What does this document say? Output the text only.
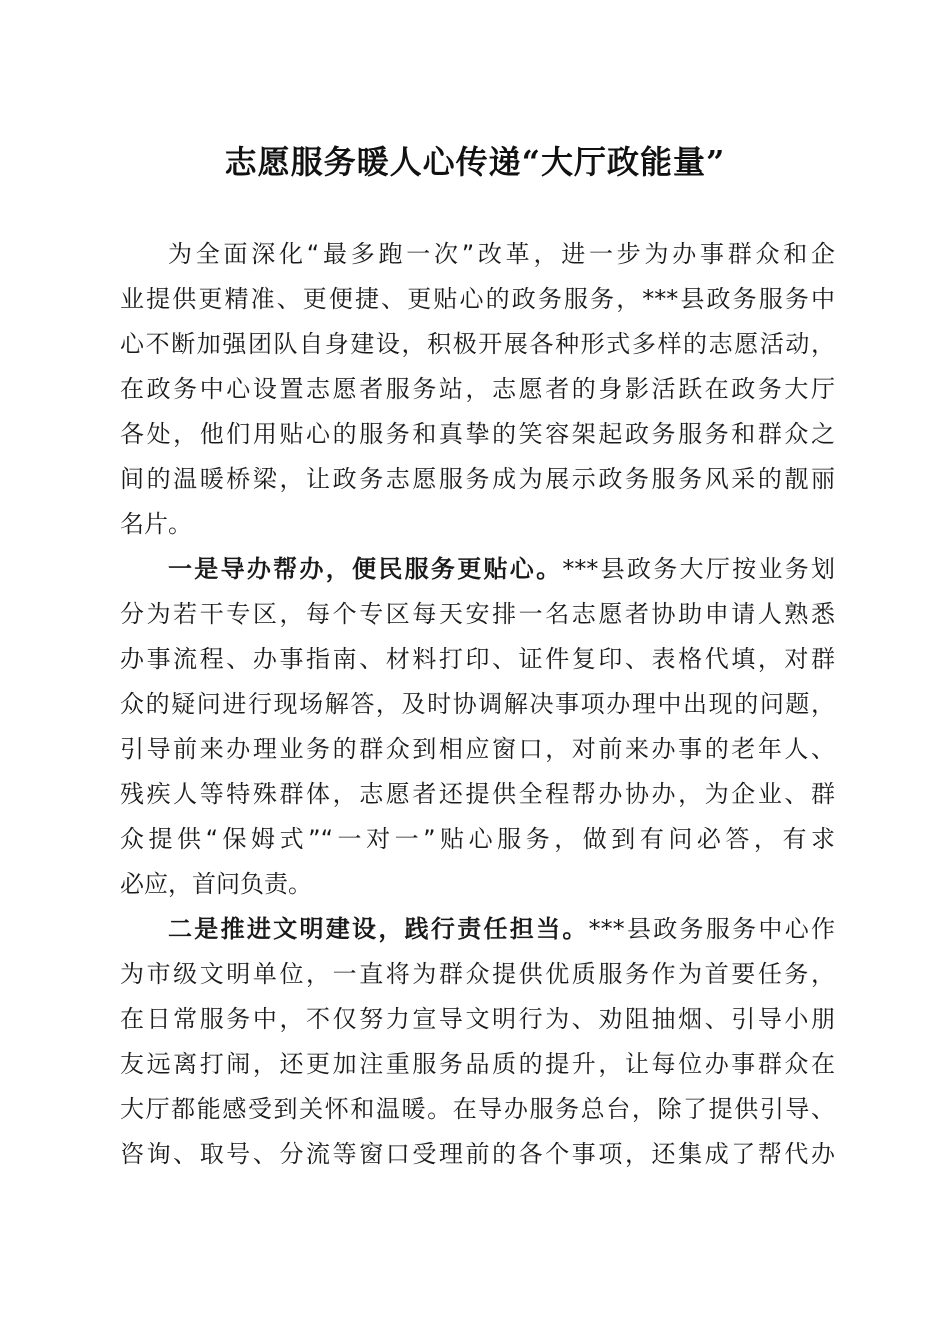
志愿服务暖人心传递“大厅政能量”
为全面深化“最多跑一次”改革，进一步为办事群众和企
业提供更精准、更便捷、更贴心的政务服务，***县政务服务中
心不断加强团队自身建设，积极开展各种形式多样的志愿活动，
在政务中心设置志愿者服务站，志愿者的身影活跃在政务大厅
各处，他们用贴心的服务和真挚的笑容架起政务服务和群众之
间的温暖桥梁，让政务志愿服务成为展示政务服务风采的靓丽
名片。
一是导办帮办，便民服务更贴心。***县政务大厅按业务划
分为若干专区，每个专区每天安排一名志愿者协助申请人熟悉
办事流程、办事指南、材料打印、证件复印、表格代填，对群
众的疑问进行现场解答，及时协调解决事项办理中出现的问题，
引导前来办理业务的群众到相应窗口，对前来办事的老年人、
残疾人等特殊群体，志愿者还提供全程帮办协办，为企业、群
众提供“保姆式”“一对一”贴心服务，做到有问必答，有求
必应，首问负责。
二是推进文明建设，践行责任担当。***县政务服务中心作
为市级文明单位，一直将为群众提供优质服务作为首要任务，
在日常服务中，不仅努力宣导文明行为、劝阻抽烟、引导小朋
友远离打闹，还更加注重服务品质的提升，让每位办事群众在
大厅都能感受到关怀和温暖。在导办服务总台，除了提供引导、
咨询、取号、分流等窗口受理前的各个事项，还集成了帮代办
